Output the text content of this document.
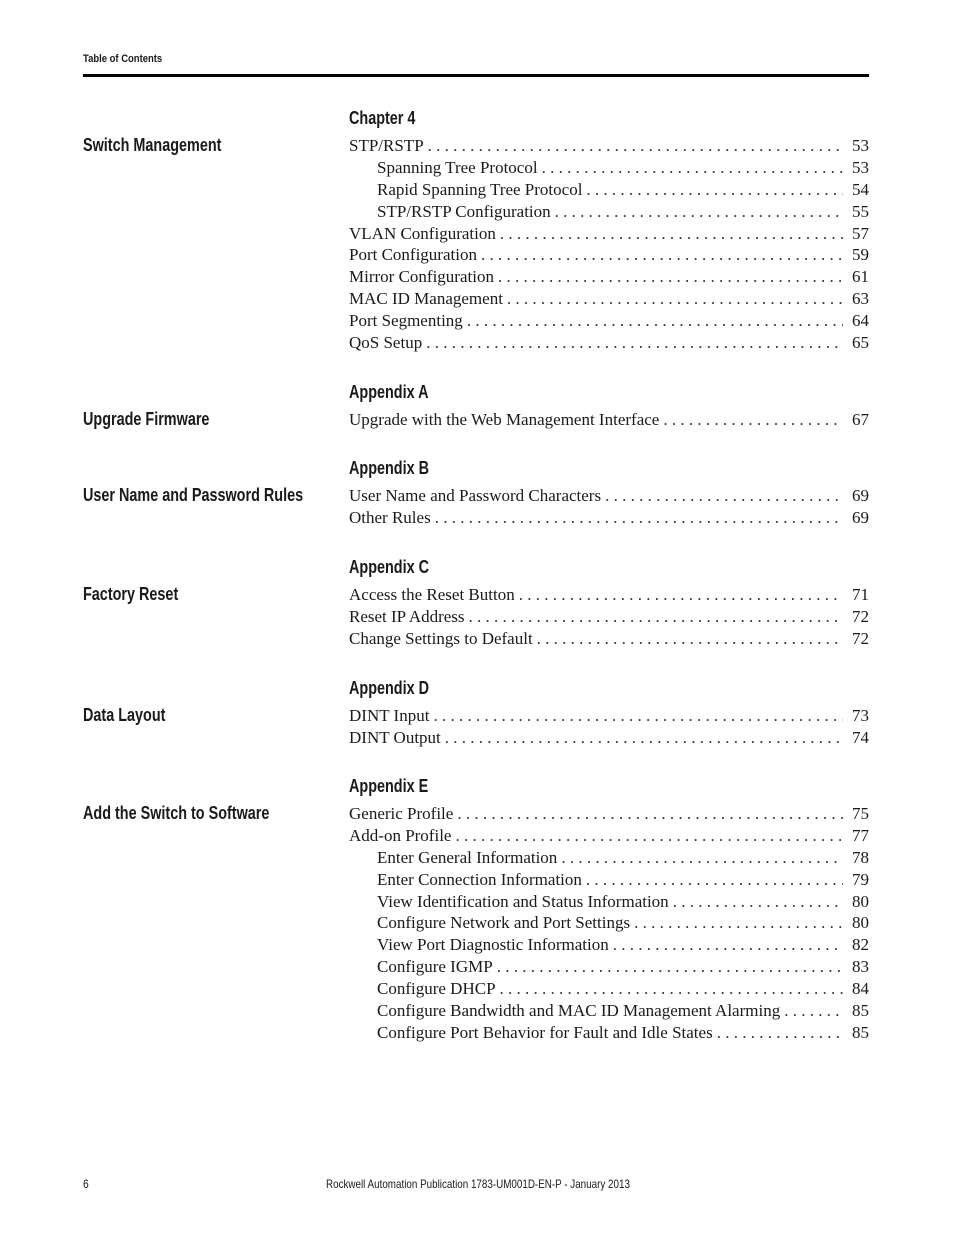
Table of Contents
Chapter 4
Switch Management	STP/RSTP . . .	53
Spanning Tree Protocol . . .	53
Rapid Spanning Tree Protocol . . .	54
STP/RSTP Configuration . . .	55
VLAN Configuration . . .	57
Port Configuration . . .	59
Mirror Configuration . . .	61
MAC ID Management . . .	63
Port Segmenting . . .	64
QoS Setup . . .	65
Appendix A
Upgrade Firmware	Upgrade with the Web Management Interface . . .	67
Appendix B
User Name and Password Rules	User Name and Password Characters . . .	69
Other Rules . . .	69
Appendix C
Factory Reset	Access the Reset Button . . .	71
Reset IP Address . . .	72
Change Settings to Default . . .	72
Appendix D
Data Layout	DINT Input . . .	73
DINT Output . . .	74
Appendix E
Add the Switch to Software	Generic Profile . . .	75
Add-on Profile . . .	77
Enter General Information . . .	78
Enter Connection Information . . .	79
View Identification and Status Information . . .	80
Configure Network and Port Settings . . .	80
View Port Diagnostic Information . . .	82
Configure IGMP . . .	83
Configure DHCP . . .	84
Configure Bandwidth and MAC ID Management Alarming . . .	85
Configure Port Behavior for Fault and Idle States . . .	85
6	Rockwell Automation Publication 1783-UM001D-EN-P - January 2013
